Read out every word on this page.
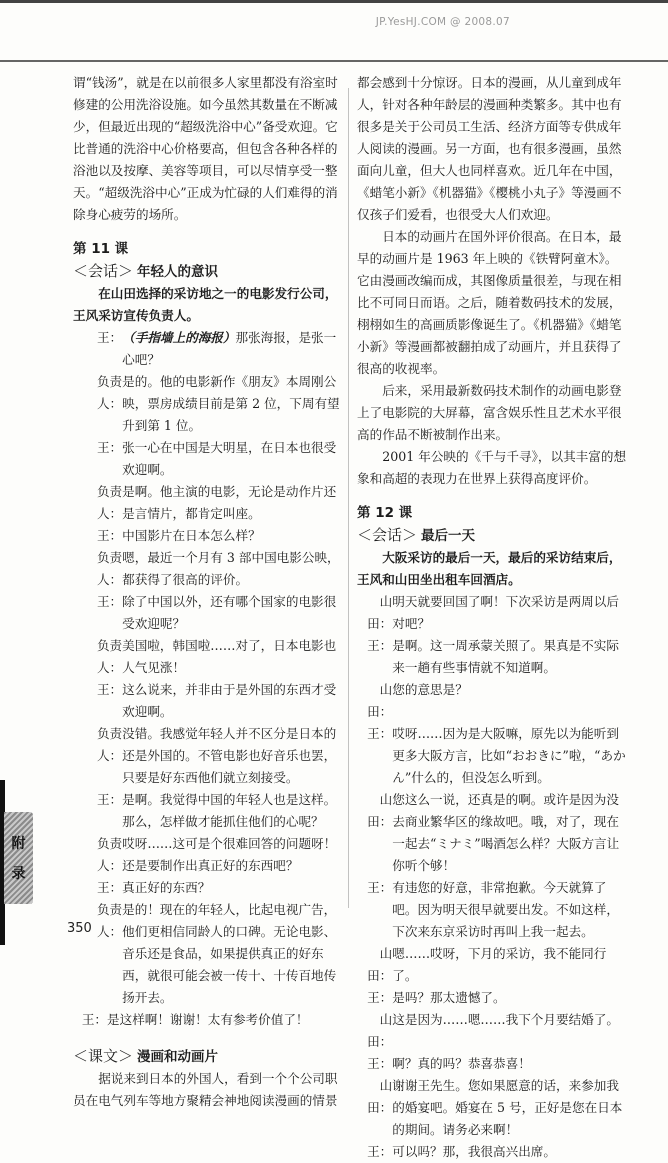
JP.YesHJ.COM @ 2008.07

谓“钱汤”，就是在以前很多人家里都没有浴室时修建的公用洗浴设施。如今虽然其数量在不断减少，但最近出现的“超级洗浴中心”备受欢迎。它比普通的洗浴中心价格要高，但包含各种各样的浴池以及按摩、美容等项目，可以尽情享受一整天。“超级洗浴中心”正成为忙碌的人们难得的消除身心疲劳的场所。

第 11 课
＜会话＞ 年轻人的意识

在山田选择的采访地之一的电影发行公司，王风采访宣传负责人。

王： （手指墙上的海报）那张海报，是张一心吧？
负责人：
是的。他的电影新作《朋友》本周刚公映，票房成绩目前是第 2 位，下周有望升到第 1 位。
王： 张一心在中国是大明星，在日本也很受欢迎啊。
负责人：
是啊。他主演的电影，无论是动作片还是言情片，都肯定叫座。
王： 中国影片在日本怎么样？
负责人：
嗯，最近一个月有 3 部中国电影公映，都获得了很高的评价。
王： 除了中国以外，还有哪个国家的电影很受欢迎呢？
负责人：
美国啦，韩国啦……对了，日本电影也人气见涨！
王： 这么说来，并非由于是外国的东西才受欢迎啊。
负责人：
没错。我感觉年轻人并不区分是日本的还是外国的。不管电影也好音乐也罢，只要是好东西他们就立刻接受。
王： 是啊。我觉得中国的年轻人也是这样。那么，怎样做才能抓住他们的心呢？
负责人：
哎呀……这可是个很难回答的问题呀！还是要制作出真正好的东西吧？
王： 真正好的东西？
负责人：
是的！现在的年轻人，比起电视广告，他们更相信同龄人的口碑。无论电影、音乐还是食品，如果提供真正的好东西，就很可能会被一传十、十传百地传扬开去。
王： 是这样啊！谢谢！太有参考价值了！
＜课文＞ 漫画和动画片

据说来到日本的外国人，看到一个个公司职员在电气列车等地方聚精会神地阅读漫画的情景

都会感到十分惊讶。日本的漫画，从儿童到成年人，针对各种年龄层的漫画种类繁多。其中也有很多是关于公司员工生活、经济方面等专供成年人阅读的漫画。另一方面，也有很多漫画，虽然面向儿童，但大人也同样喜欢。近几年在中国，《蜡笔小新》《机器猫》《樱桃小丸子》等漫画不仅孩子们爱看，也很受大人们欢迎。

日本的动画片在国外评价很高。在日本，最早的动画片是 1963 年上映的《铁臂阿童木》。它由漫画改编而成，其图像质量很差，与现在相比不可同日而语。之后，随着数码技术的发展，栩栩如生的高画质影像诞生了。《机器猫》《蜡笔小新》等漫画都被翻拍成了动画片，并且获得了很高的收视率。

后来，采用最新数码技术制作的动画电影登上了电影院的大屏幕，富含娱乐性且艺术水平很高的作品不断被制作出来。

2001 年公映的《千与千寻》，以其丰富的想象和高超的表现力在世界上获得高度评价。

第 12 课
＜会话＞ 最后一天

大阪采访的最后一天，最后的采访结束后，王风和山田坐出租车回酒店。

山田：
明天就要回国了啊！下次采访是两周以后对吧？
王： 是啊。这一周承蒙关照了。果真是不实际来一趟有些事情就不知道啊。
山田：
您的意思是？
王： 哎呀……因为是大阪嘛，原先以为能听到更多大阪方言，比如“おおきに”啦，“あかん”什么的，但没怎么听到。
山田：
您这么一说，还真是的啊。或许是因为没去商业繁华区的缘故吧。哦，对了，现在一起去“ミナミ”喝酒怎么样？大阪方言让你听个够！
王： 有违您的好意，非常抱歉。今天就算了吧。因为明天很早就要出发。不如这样，下次来东京采访时再叫上我一起去。
山田：
嗯……哎呀，下月的采访，我不能同行了。
王： 是吗？那太遗憾了。
山田：
这是因为……嗯……我下个月要结婚了。
王： 啊？真的吗？恭喜恭喜！
山田：
谢谢王先生。您如果愿意的话，来参加我的婚宴吧。婚宴在 5 号，正好是您在日本的期间。请务必来啊！
王： 可以吗？那，我很高兴出席。
附
录
350
